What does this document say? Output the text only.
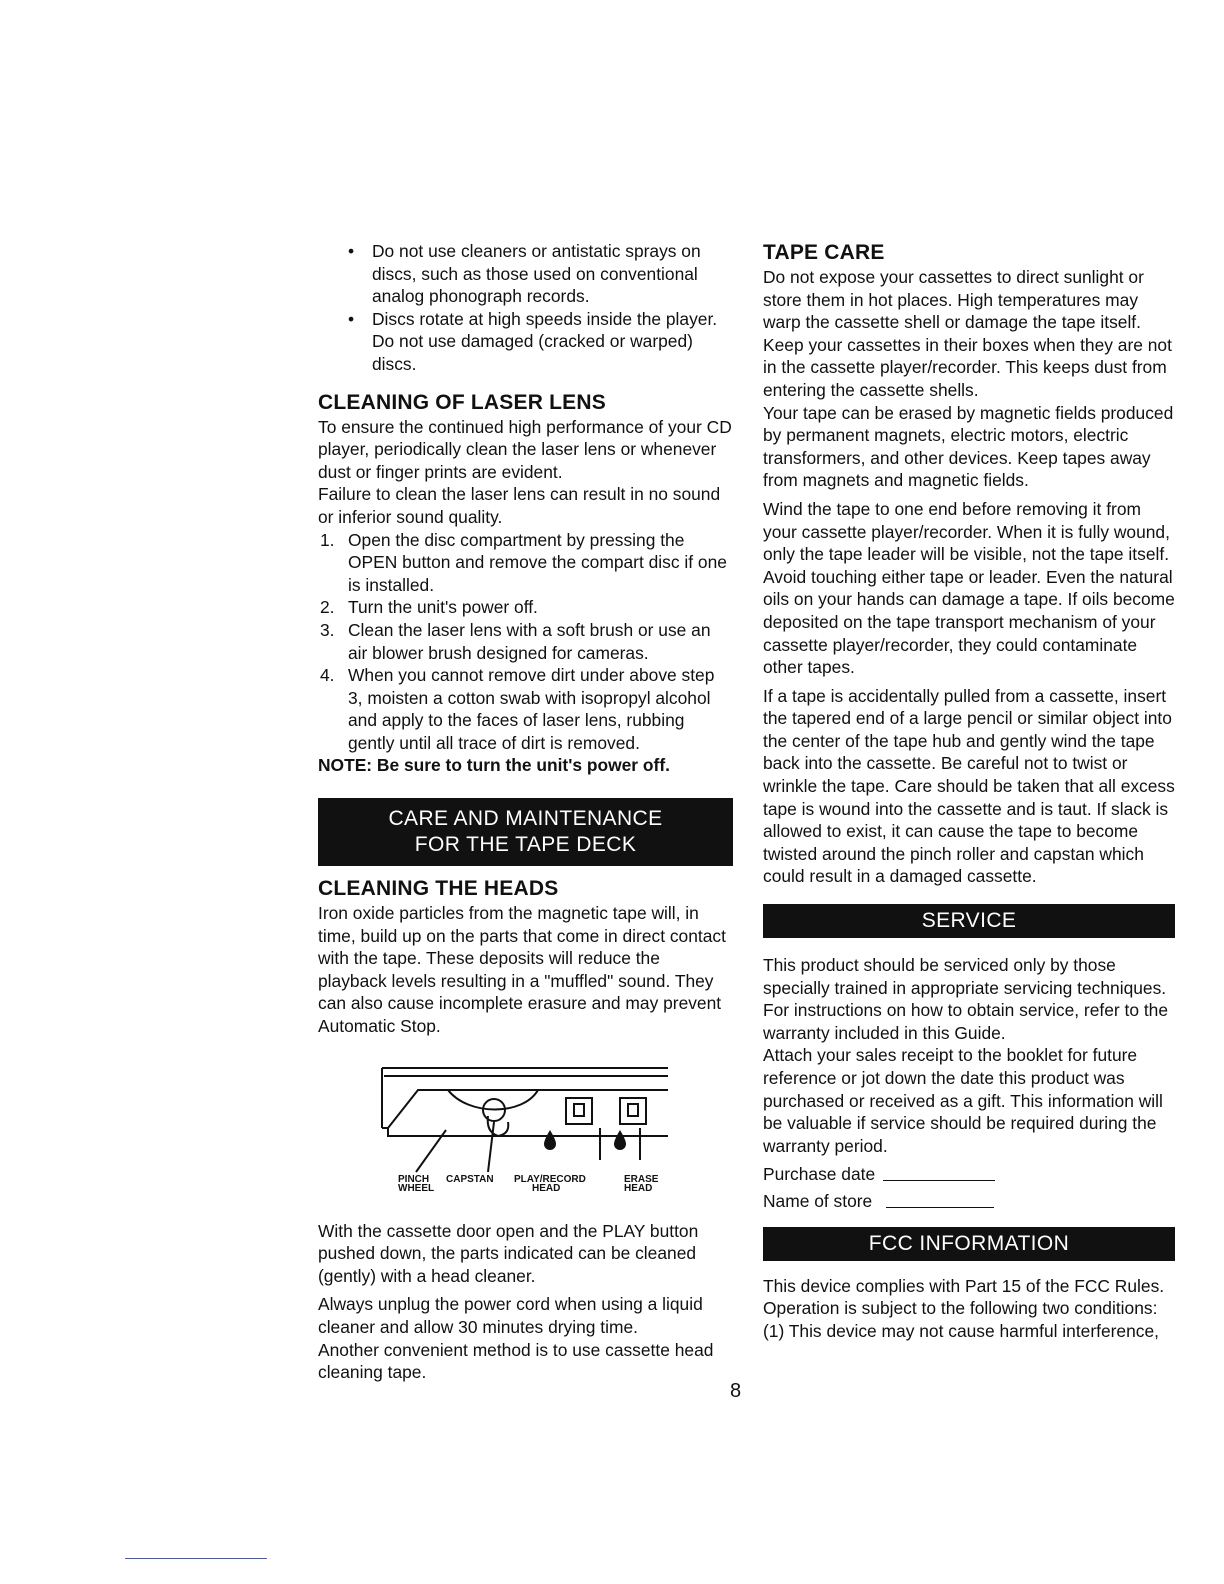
• Do not use cleaners or antistatic sprays on discs, such as those used on conventional analog phonograph records.
• Discs rotate at high speeds inside the player. Do not use damaged (cracked or warped) discs.
CLEANING OF LASER LENS

To ensure the continued high performance of your CD player, periodically clean the laser lens or whenever dust or finger prints are evident.

Failure to clean the laser lens can result in no sound or inferior sound quality.

1. Open the disc compartment by pressing the OPEN button and remove the compart disc if one is installed.
2. Turn the unit's power off.
3. Clean the laser lens with a soft brush or use an air blower brush designed for cameras.
4. When you cannot remove dirt under above step 3, moisten a cotton swab with isopropyl alcohol and apply to the faces of laser lens, rubbing gently until all trace of dirt is removed.

NOTE: Be sure to turn the unit's power off.

CARE AND MAINTENANCE
FOR THE TAPE DECK
CLEANING THE HEADS

Iron oxide particles from the magnetic tape will, in time, build up on the parts that come in direct contact with the tape. These deposits will reduce the playback levels resulting in a "muffled" sound. They can also cause incomplete erasure and may prevent Automatic Stop.

PINCH
WHEEL
CAPSTAN PLAY/RECORD
HEAD
ERASE
HEAD

With the cassette door open and the PLAY button pushed down, the parts indicated can be cleaned (gently) with a head cleaner.

Always unplug the power cord when using a liquid cleaner and allow 30 minutes drying time.

Another convenient method is to use cassette head cleaning tape.

TAPE CARE

Do not expose your cassettes to direct sunlight or store them in hot places. High temperatures may warp the cassette shell or damage the tape itself. Keep your cassettes in their boxes when they are not in the cassette player/recorder. This keeps dust from entering the cassette shells.

Your tape can be erased by magnetic fields produced by permanent magnets, electric motors, electric transformers, and other devices. Keep tapes away from magnets and magnetic fields.

Wind the tape to one end before removing it from your cassette player/recorder. When it is fully wound, only the tape leader will be visible, not the tape itself. Avoid touching either tape or leader. Even the natural oils on your hands can damage a tape. If oils become deposited on the tape transport mechanism of your cassette player/recorder, they could contaminate other tapes.

If a tape is accidentally pulled from a cassette, insert the tapered end of a large pencil or similar object into the center of the tape hub and gently wind the tape back into the cassette. Be careful not to twist or wrinkle the tape. Care should be taken that all excess tape is wound into the cassette and is taut. If slack is allowed to exist, it can cause the tape to become twisted around the pinch roller and capstan which could result in a damaged cassette.

SERVICE

This product should be serviced only by those specially trained in appropriate servicing techniques. For instructions on how to obtain service, refer to the warranty included in this Guide.

Attach your sales receipt to the booklet for future reference or jot down the date this product was purchased or received as a gift. This information will be valuable if service should be required during the warranty period.

Purchase date
Name of store
FCC INFORMATION

This device complies with Part 15 of the FCC Rules. Operation is subject to the following two conditions: (1) This device may not cause harmful interference,

8
